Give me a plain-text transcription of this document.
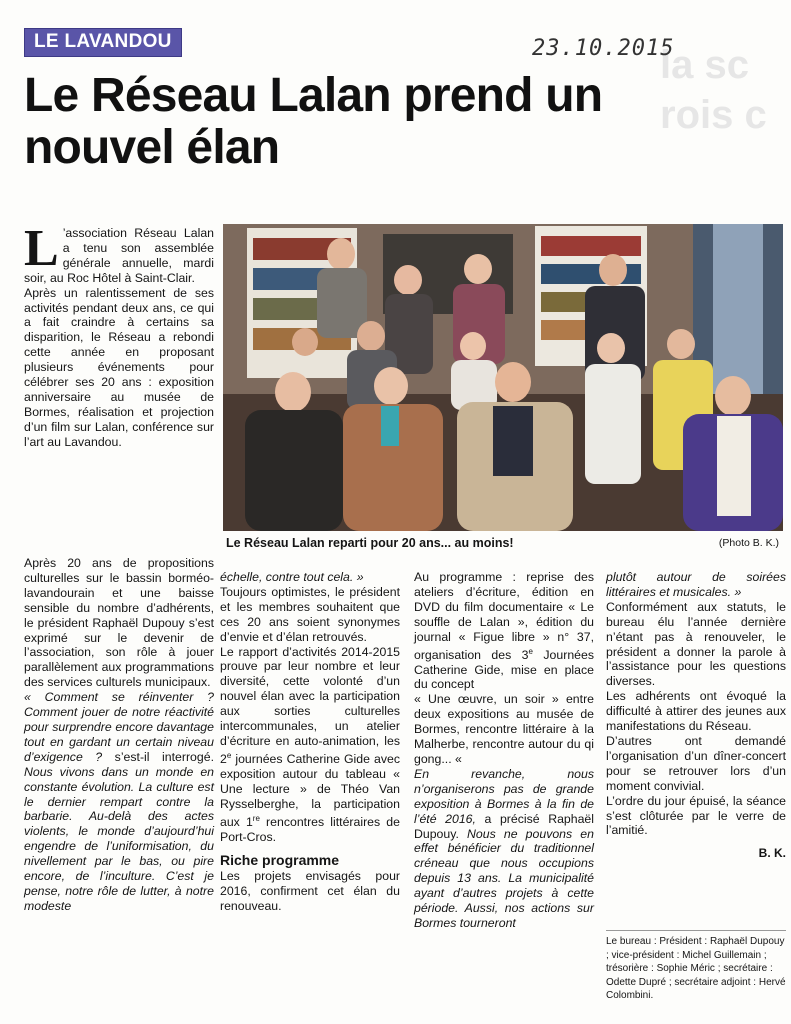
la sc
rois c
LE LAVANDOU	23.10.2015
Le Réseau Lalan prend un nouvel élan
Le Réseau Lalan reparti pour 20 ans... au moins!	(Photo B. K.)

L ’association Réseau Lalan a tenu son assemblée générale annuelle, mardi soir, au Roc Hôtel à Saint-Clair.

Après un ralentissement de ses activités pendant deux ans, ce qui a fait craindre à certains sa disparition, le Réseau a rebondi cette année en proposant plusieurs événements pour célébrer ses 20 ans : exposition anniversaire au musée de Bormes, réalisation et projection d’un film sur Lalan, conférence sur l’art au Lavandou.

Après 20 ans de propositions culturelles sur le bassin borméo-lavandourain et une baisse sensible du nombre d’adhérents, le président Raphaël Dupouy s’est exprimé sur le devenir de l’association, son rôle à jouer parallèlement aux programmations des services culturels municipaux.

« Comment se réinventer ? Comment jouer de notre réactivité pour surprendre encore davantage tout en gardant un certain niveau d’exigence ? s’est-il interrogé. Nous vivons dans un monde en constante évolution. La culture est le dernier rempart contre la barbarie. Au-delà des actes violents, le monde d’aujourd’hui engendre de l’uniformisation, du nivellement par le bas, ou pire encore, de l’inculture. C’est je pense, notre rôle de lutter, à notre modeste

échelle, contre tout cela. »

Toujours optimistes, le président et les membres souhaitent que ces 20 ans soient synonymes d’envie et d’élan retrouvés.

Le rapport d’activités 2014-2015 prouve par leur nombre et leur diversité, cette volonté d’un nouvel élan avec la participation aux sorties culturelles intercommunales, un atelier d’écriture en auto-animation, les 2e journées Catherine Gide avec exposition autour du tableau « Une lecture » de Théo Van Rysselberghe, la participation aux 1re rencontres littéraires de Port-Cros.

Riche programme

Les projets envisagés pour 2016, confirment cet élan du renouveau.

Au programme : reprise des ateliers d’écriture, édition en DVD du film documentaire « Le souffle de Lalan », édition du journal « Figue libre » n° 37, organisation des 3e Journées Catherine Gide, mise en place du concept

« Une œuvre, un soir » entre deux expositions au musée de Bormes, rencontre littéraire à la Malherbe, rencontre autour du qi gong... «

En revanche, nous n’organiserons pas de grande exposition à Bormes à la fin de l’été 2016, a précisé Raphaël Dupouy. Nous ne pouvons en effet bénéficier du traditionnel créneau que nous occupions depuis 13 ans. La municipalité ayant d’autres projets à cette période. Aussi, nos actions sur Bormes tourneront

plutôt autour de soirées littéraires et musicales. »

Conformément aux statuts, le bureau élu l’année dernière n’étant pas à renouveler, le président a donner la parole à l’assistance pour les questions diverses.

Les adhérents ont évoqué la difficulté à attirer des jeunes aux manifestations du Réseau.

D’autres ont demandé l’organisation d’un dîner-concert pour se retrouver lors d’un moment convivial.

L’ordre du jour épuisé, la séance s’est clôturée par le verre de l’amitié.

B. K.

Le bureau : Président : Raphaël Dupouy ; vice-président : Michel Guillemain ; trésorière : Sophie Méric ; secrétaire : Odette Dupré ; secrétaire adjoint : Hervé Colombini.
